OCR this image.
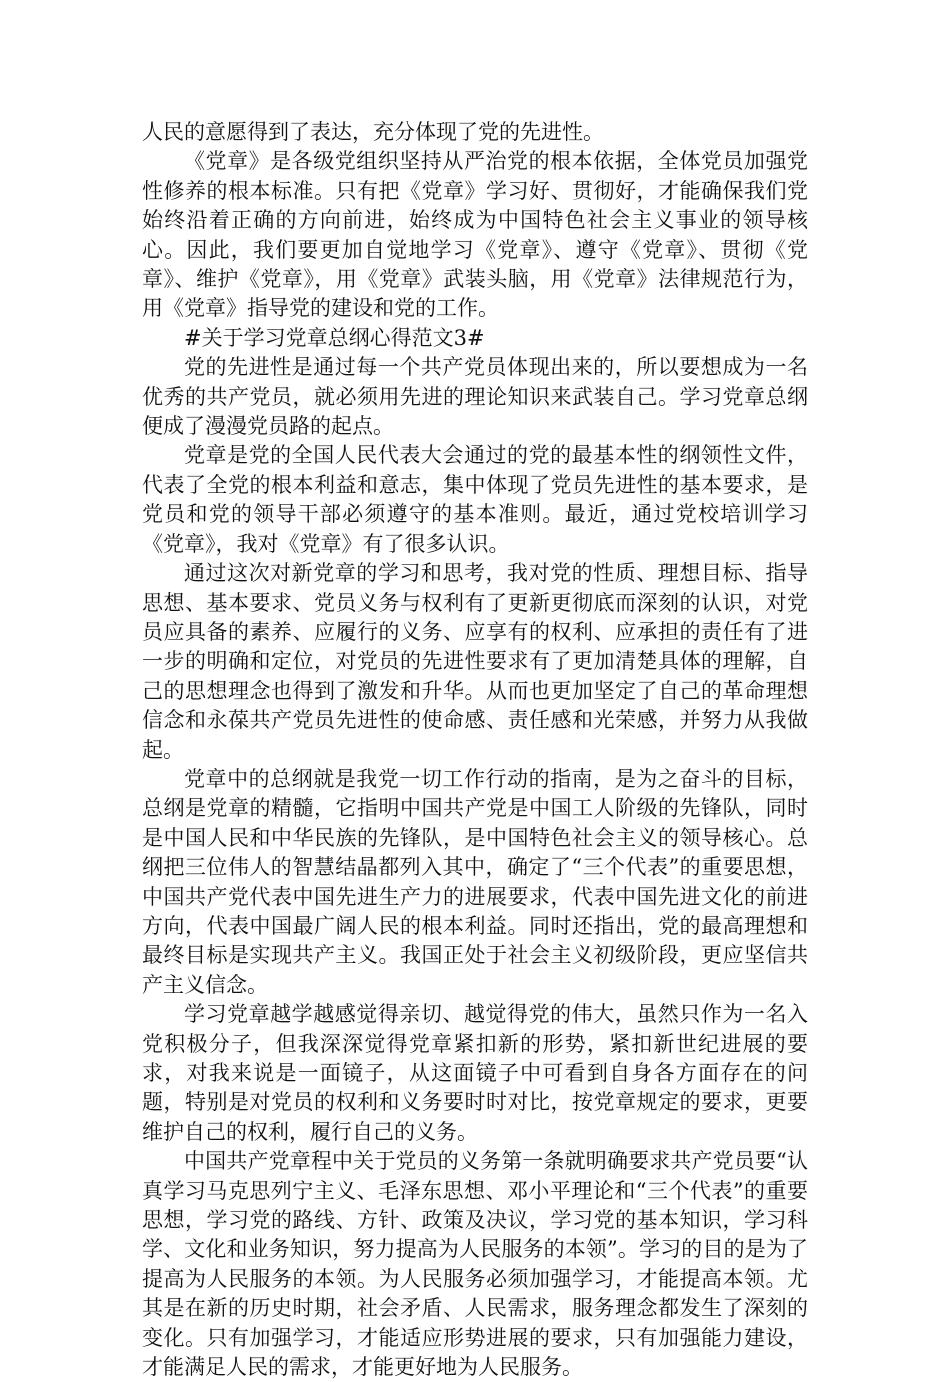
人民的意愿得到了表达，充分体现了党的先进性。

《党章》是各级党组织坚持从严治党的根本依据，全体党员加强党性修养的根本标准。只有把《党章》学习好、贯彻好，才能确保我们党始终沿着正确的方向前进，始终成为中国特色社会主义事业的领导核心。因此，我们要更加自觉地学习《党章》、遵守《党章》、贯彻《党章》、维护《党章》，用《党章》武装头脑，用《党章》法律规范行为，用《党章》指导党的建设和党的工作。

#关于学习党章总纲心得范文3#

党的先进性是通过每一个共产党员体现出来的，所以要想成为一名优秀的共产党员，就必须用先进的理论知识来武装自己。学习党章总纲便成了漫漫党员路的起点。

党章是党的全国人民代表大会通过的党的最基本性的纲领性文件，代表了全党的根本利益和意志，集中体现了党员先进性的基本要求，是党员和党的领导干部必须遵守的基本准则。最近，通过党校培训学习《党章》，我对《党章》有了很多认识。

通过这次对新党章的学习和思考，我对党的性质、理想目标、指导思想、基本要求、党员义务与权利有了更新更彻底而深刻的认识，对党员应具备的素养、应履行的义务、应享有的权利、应承担的责任有了进一步的明确和定位，对党员的先进性要求有了更加清楚具体的理解，自己的思想理念也得到了激发和升华。从而也更加坚定了自己的革命理想信念和永葆共产党员先进性的使命感、责任感和光荣感，并努力从我做起。

党章中的总纲就是我党一切工作行动的指南，是为之奋斗的目标，总纲是党章的精髓，它指明中国共产党是中国工人阶级的先锋队，同时是中国人民和中华民族的先锋队，是中国特色社会主义的领导核心。总纲把三位伟人的智慧结晶都列入其中，确定了“三个代表”的重要思想，中国共产党代表中国先进生产力的进展要求，代表中国先进文化的前进方向，代表中国最广阔人民的根本利益。同时还指出，党的最高理想和最终目标是实现共产主义。我国正处于社会主义初级阶段，更应坚信共产主义信念。

学习党章越学越感觉得亲切、越觉得党的伟大，虽然只作为一名入党积极分子，但我深深觉得党章紧扣新的形势，紧扣新世纪进展的要求，对我来说是一面镜子，从这面镜子中可看到自身各方面存在的问题，特别是对党员的权利和义务要时时对比，按党章规定的要求，更要维护自己的权利，履行自己的义务。

中国共产党章程中关于党员的义务第一条就明确要求共产党员要“认真学习马克思列宁主义、毛泽东思想、邓小平理论和“三个代表”的重要思想，学习党的路线、方针、政策及决议，学习党的基本知识，学习科学、文化和业务知识，努力提高为人民服务的本领”。学习的目的是为了提高为人民服务的本领。为人民服务必须加强学习，才能提高本领。尤其是在新的历史时期，社会矛盾、人民需求，服务理念都发生了深刻的变化。只有加强学习，才能适应形势进展的要求，只有加强能力建设，才能满足人民的需求，才能更好地为人民服务。
